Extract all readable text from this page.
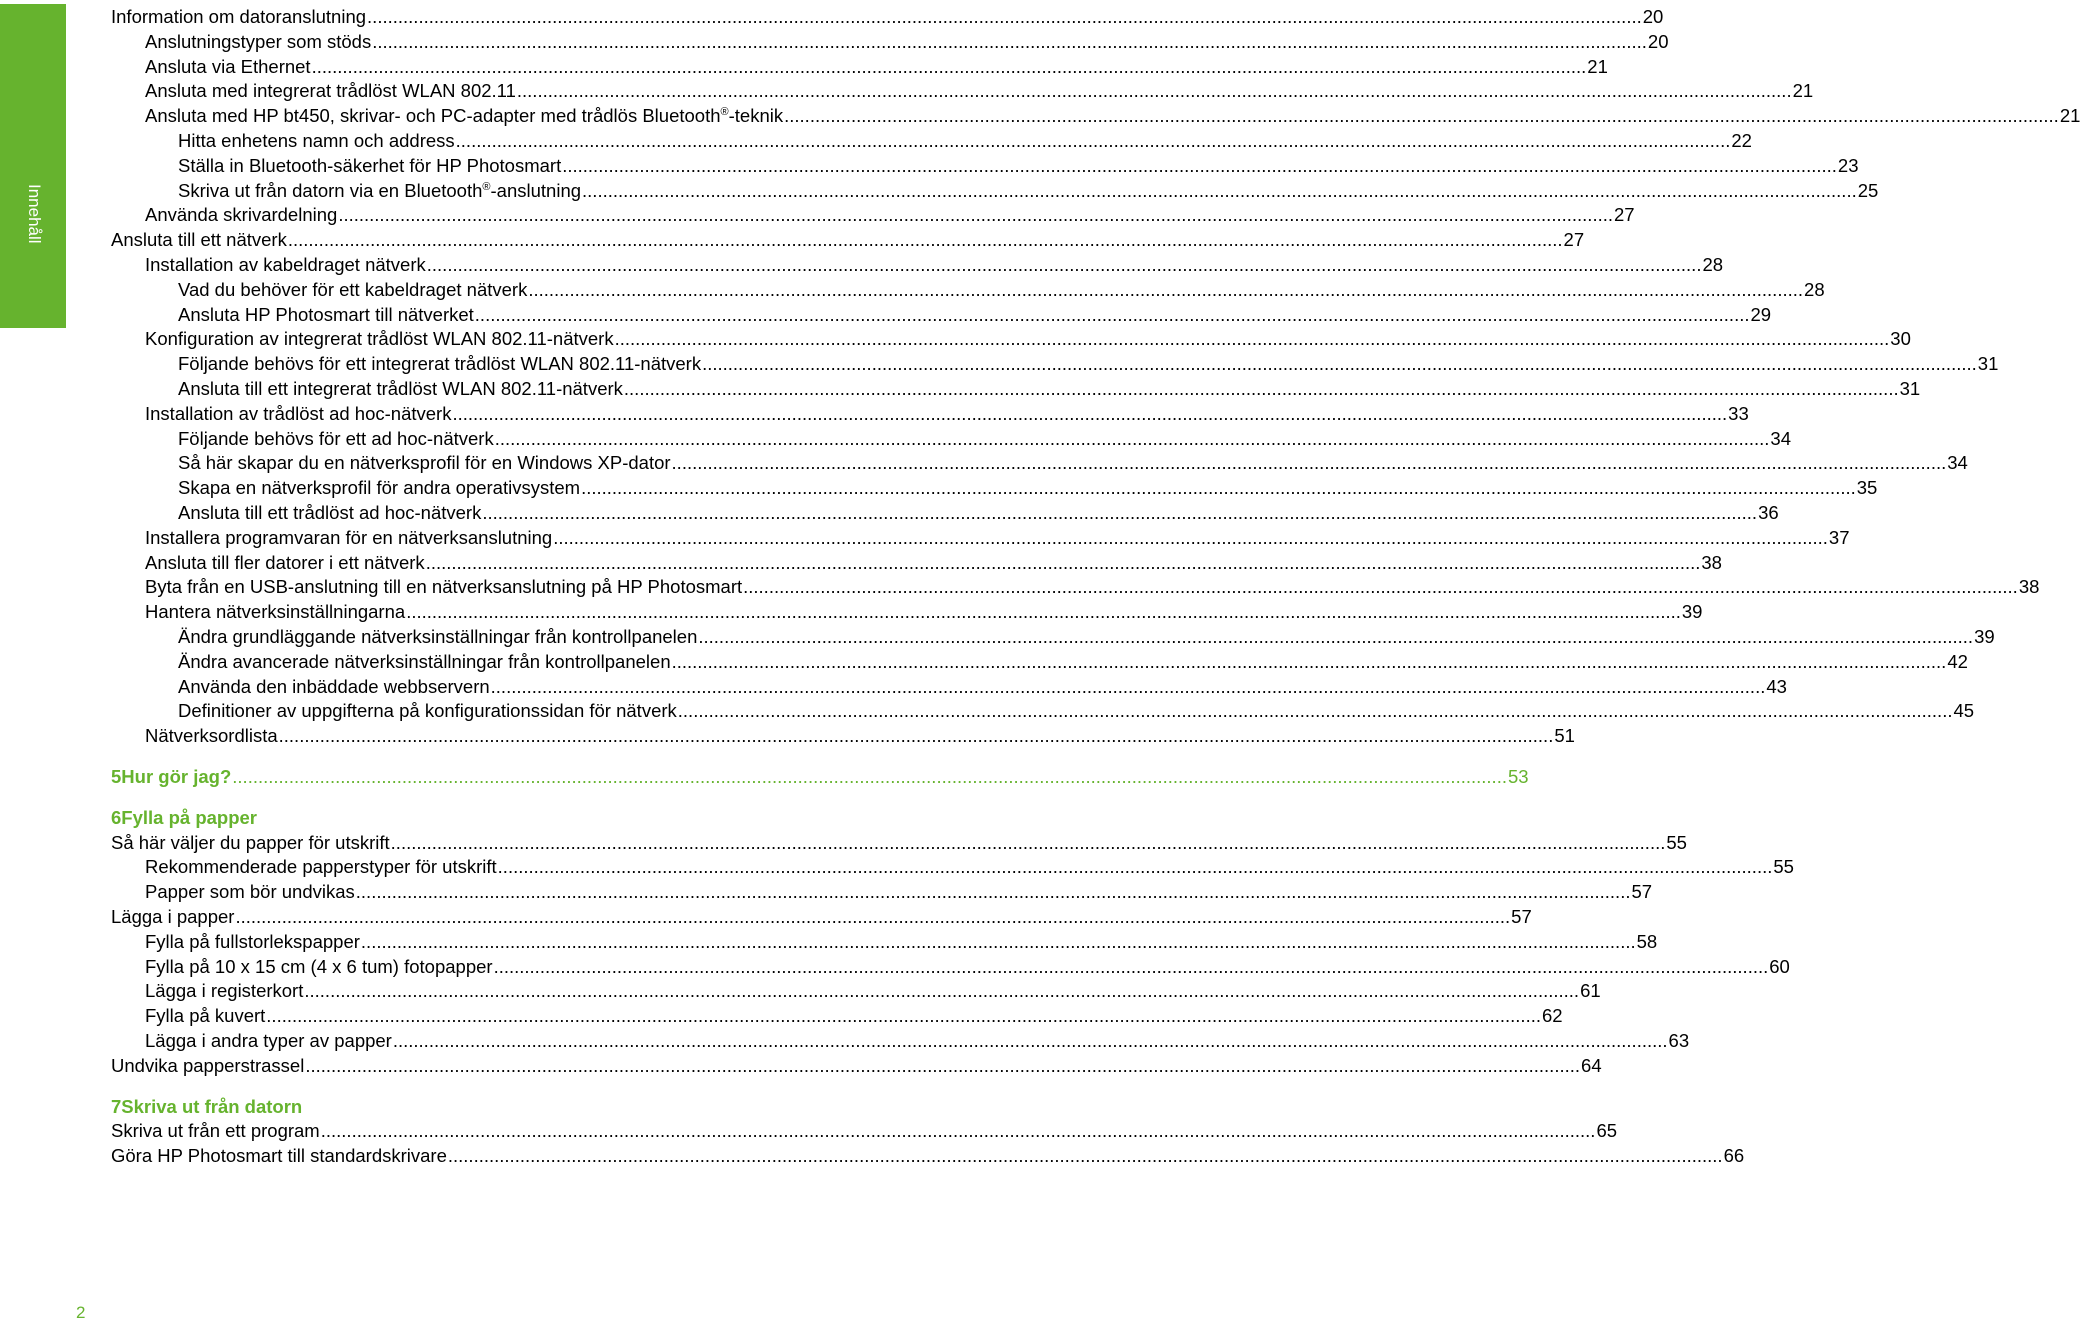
Innehåll
Information om datoranslutning .....	20
Anslutningstyper som stöds .....	20
Ansluta via Ethernet .....	21
Ansluta med integrerat trådlöst WLAN 802.11 .....	21
Ansluta med HP bt450, skrivar- och PC-adapter med trådlös Bluetooth®-teknik .....	21
Hitta enhetens namn och address .....	22
Ställa in Bluetooth-säkerhet för HP Photosmart .....	23
Skriva ut från datorn via en Bluetooth®-anslutning .....	25
Använda skrivardelning .....	27
Ansluta till ett nätverk .....	27
Installation av kabeldraget nätverk .....	28
Vad du behöver för ett kabeldraget nätverk .....	28
Ansluta HP Photosmart till nätverket .....	29
Konfiguration av integrerat trådlöst WLAN 802.11-nätverk .....	30
Följande behövs för ett integrerat trådlöst WLAN 802.11-nätverk .....	31
Ansluta till ett integrerat trådlöst WLAN 802.11-nätverk .....	31
Installation av trådlöst ad hoc-nätverk .....	33
Följande behövs för ett ad hoc-nätverk .....	34
Så här skapar du en nätverksprofil för en Windows XP-dator .....	34
Skapa en nätverksprofil för andra operativsystem .....	35
Ansluta till ett trådlöst ad hoc-nätverk .....	36
Installera programvaran för en nätverksanslutning .....	37
Ansluta till fler datorer i ett nätverk .....	38
Byta från en USB-anslutning till en nätverksanslutning på HP Photosmart .....	38
Hantera nätverksinställningarna .....	39
Ändra grundläggande nätverksinställningar från kontrollpanelen .....	39
Ändra avancerade nätverksinställningar från kontrollpanelen .....	42
Använda den inbäddade webbservern .....	43
Definitioner av uppgifterna på konfigurationssidan för nätverk .....	45
Nätverksordlista .....	51
5 Hur gör jag? .....	53
6 Fylla på papper
Så här väljer du papper för utskrift .....	55
Rekommenderade papperstyper för utskrift .....	55
Papper som bör undvikas .....	57
Lägga i papper .....	57
Fylla på fullstorlekspapper .....	58
Fylla på 10 x 15 cm (4 x 6 tum) fotopapper .....	60
Lägga i registerkort .....	61
Fylla på kuvert .....	62
Lägga i andra typer av papper .....	63
Undvika papperstrassel .....	64
7 Skriva ut från datorn
Skriva ut från ett program .....	65
Göra HP Photosmart till standardskrivare .....	66
2
